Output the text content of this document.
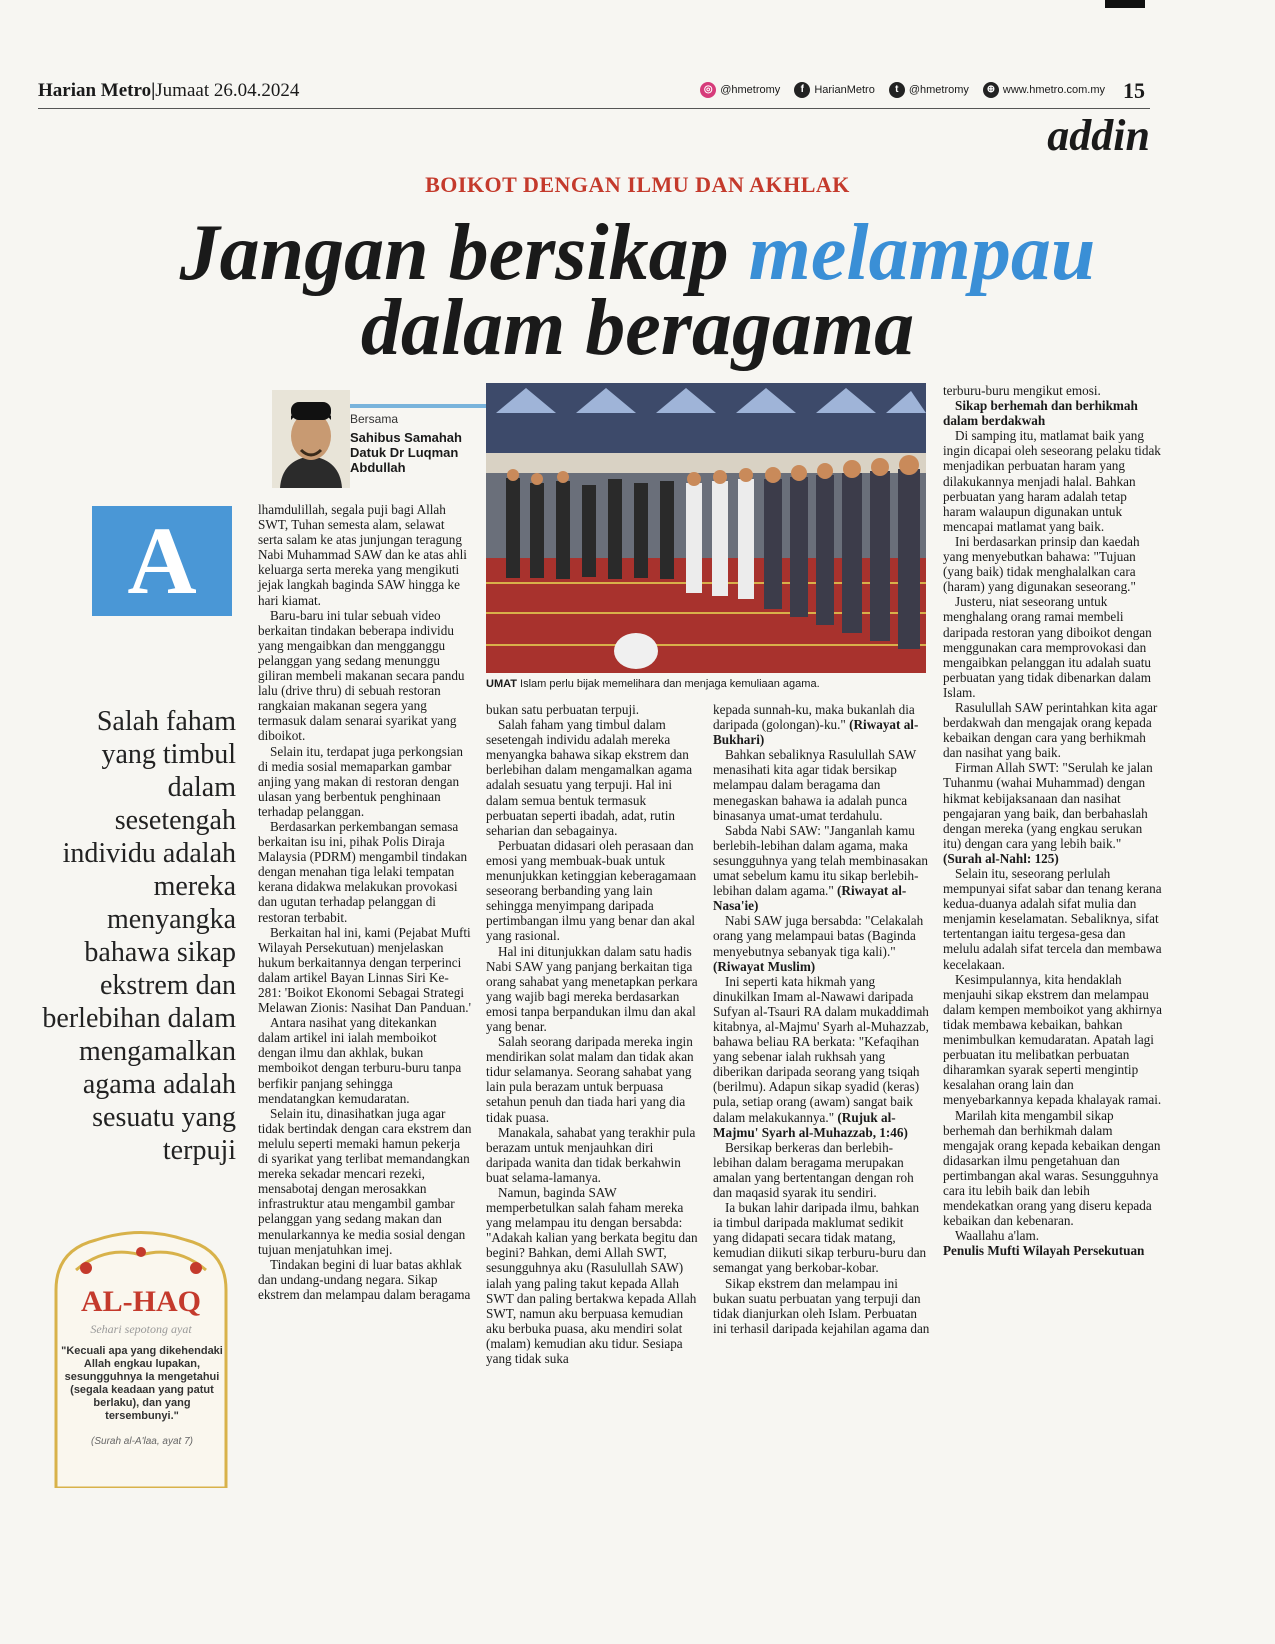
Harian Metro|Jumaat 26.04.2024	◎ @hmetromy	f HarianMetro	t @hmetromy	⊕ www.hmetro.com.my 15
addin
BOIKOT DENGAN ILMU DAN AKHLAK
Jangan bersikap melampau
dalam beragama
Bersama
Sahibus Samahah Datuk Dr Luqman Abdullah
UMAT Islam perlu bijak memelihara dan menjaga kemuliaan agama.
A
Salah faham yang timbul dalam sesetengah individu adalah mereka menyangka bahawa sikap ekstrem dan berlebihan dalam mengamalkan agama adalah sesuatu yang terpuji
AL-HAQ
Sehari sepotong ayat
"Kecuali apa yang dikehendaki Allah engkau lupakan, sesungguhnya Ia mengetahui (segala keadaan yang patut berlaku), dan yang tersembunyi."
(Surah al-A'laa, ayat 7)

lhamdulillah, segala puji bagi Allah SWT, Tuhan semesta alam, selawat serta salam ke atas junjungan teragung Nabi Muhammad SAW dan ke atas ahli keluarga serta mereka yang mengikuti jejak langkah baginda SAW hingga ke hari kiamat.

Baru-baru ini tular sebuah video berkaitan tindakan beberapa individu yang mengaibkan dan mengganggu pelanggan yang sedang menunggu giliran membeli makanan secara pandu lalu (drive thru) di sebuah restoran rangkaian makanan segera yang termasuk dalam senarai syarikat yang diboikot.

Selain itu, terdapat juga perkongsian di media sosial memaparkan gambar anjing yang makan di restoran dengan ulasan yang berbentuk penghinaan terhadap pelanggan.

Berdasarkan perkembangan semasa berkaitan isu ini, pihak Polis Diraja Malaysia (PDRM) mengambil tindakan dengan menahan tiga lelaki tempatan kerana didakwa melakukan provokasi dan ugutan terhadap pelanggan di restoran terbabit.

Berkaitan hal ini, kami (Pejabat Mufti Wilayah Persekutuan) menjelaskan hukum berkaitannya dengan terperinci dalam artikel Bayan Linnas Siri Ke-281: 'Boikot Ekonomi Sebagai Strategi Melawan Zionis: Nasihat Dan Panduan.'

Antara nasihat yang ditekankan dalam artikel ini ialah memboikot dengan ilmu dan akhlak, bukan memboikot dengan terburu-buru tanpa berfikir panjang sehingga mendatangkan kemudaratan.

Selain itu, dinasihatkan juga agar tidak bertindak dengan cara ekstrem dan melulu seperti memaki hamun pekerja di syarikat yang terlibat memandangkan mereka sekadar mencari rezeki, mensabotaj dengan merosakkan infrastruktur atau mengambil gambar pelanggan yang sedang makan dan menularkannya ke media sosial dengan tujuan menjatuhkan imej.

Tindakan begini di luar batas akhlak dan undang-undang negara. Sikap ekstrem dan melampau dalam beragama

bukan satu perbuatan terpuji.

Salah faham yang timbul dalam sesetengah individu adalah mereka menyangka bahawa sikap ekstrem dan berlebihan dalam mengamalkan agama adalah sesuatu yang terpuji. Hal ini dalam semua bentuk termasuk perbuatan seperti ibadah, adat, rutin seharian dan sebagainya.

Perbuatan didasari oleh perasaan dan emosi yang membuak-buak untuk menunjukkan ketinggian keberagamaan seseorang berbanding yang lain sehingga menyimpang daripada pertimbangan ilmu yang benar dan akal yang rasional.

Hal ini ditunjukkan dalam satu hadis Nabi SAW yang panjang berkaitan tiga orang sahabat yang menetapkan perkara yang wajib bagi mereka berdasarkan emosi tanpa berpandukan ilmu dan akal yang benar.

Salah seorang daripada mereka ingin mendirikan solat malam dan tidak akan tidur selamanya. Seorang sahabat yang lain pula berazam untuk berpuasa setahun penuh dan tiada hari yang dia tidak puasa.

Manakala, sahabat yang terakhir pula berazam untuk menjauhkan diri daripada wanita dan tidak berkahwin buat selama-lamanya.

Namun, baginda SAW memperbetulkan salah faham mereka yang melampau itu dengan bersabda: "Adakah kalian yang berkata begitu dan begini? Bahkan, demi Allah SWT, sesungguhnya aku (Rasulullah SAW) ialah yang paling takut kepada Allah SWT dan paling bertakwa kepada Allah SWT, namun aku berpuasa kemudian aku berbuka puasa, aku mendiri solat (malam) kemudian aku tidur. Sesiapa yang tidak suka

kepada sunnah-ku, maka bukanlah dia daripada (golongan)-ku." (Riwayat al-Bukhari)

Bahkan sebaliknya Rasulullah SAW menasihati kita agar tidak bersikap melampau dalam beragama dan menegaskan bahawa ia adalah punca binasanya umat-umat terdahulu.

Sabda Nabi SAW: "Janganlah kamu berlebih-lebihan dalam agama, maka sesungguhnya yang telah membinasakan umat sebelum kamu itu sikap berlebih-lebihan dalam agama." (Riwayat al-Nasa'ie)

Nabi SAW juga bersabda: "Celakalah orang yang melampaui batas (Baginda menyebutnya sebanyak tiga kali)." (Riwayat Muslim)

Ini seperti kata hikmah yang dinukilkan Imam al-Nawawi daripada Sufyan al-Tsauri RA dalam mukaddimah kitabnya, al-Majmu' Syarh al-Muhazzab, bahawa beliau RA berkata: "Kefaqihan yang sebenar ialah rukhsah yang diberikan daripada seorang yang tsiqah (berilmu). Adapun sikap syadid (keras) pula, setiap orang (awam) sangat baik dalam melakukannya." (Rujuk al-Majmu' Syarh al-Muhazzab, 1:46)

Bersikap berkeras dan berlebih-lebihan dalam beragama merupakan amalan yang bertentangan dengan roh dan maqasid syarak itu sendiri.

Ia bukan lahir daripada ilmu, bahkan ia timbul daripada maklumat sedikit yang didapati secara tidak matang, kemudian diikuti sikap terburu-buru dan semangat yang berkobar-kobar.

Sikap ekstrem dan melampau ini bukan suatu perbuatan yang terpuji dan tidak dianjurkan oleh Islam. Perbuatan ini terhasil daripada kejahilan agama dan

terburu-buru mengikut emosi.

Sikap berhemah dan berhikmah dalam berdakwah

Di samping itu, matlamat baik yang ingin dicapai oleh seseorang pelaku tidak menjadikan perbuatan haram yang dilakukannya menjadi halal. Bahkan perbuatan yang haram adalah tetap haram walaupun digunakan untuk mencapai matlamat yang baik.

Ini berdasarkan prinsip dan kaedah yang menyebutkan bahawa: "Tujuan (yang baik) tidak menghalalkan cara (haram) yang digunakan seseorang."

Justeru, niat seseorang untuk menghalang orang ramai membeli daripada restoran yang diboikot dengan menggunakan cara memprovokasi dan mengaibkan pelanggan itu adalah suatu perbuatan yang tidak dibenarkan dalam Islam.

Rasulullah SAW perintahkan kita agar berdakwah dan mengajak orang kepada kebaikan dengan cara yang berhikmah dan nasihat yang baik.

Firman Allah SWT: "Serulah ke jalan Tuhanmu (wahai Muhammad) dengan hikmat kebijaksanaan dan nasihat pengajaran yang baik, dan berbahaslah dengan mereka (yang engkau serukan itu) dengan cara yang lebih baik." (Surah al-Nahl: 125)

Selain itu, seseorang perlulah mempunyai sifat sabar dan tenang kerana kedua-duanya adalah sifat mulia dan menjamin keselamatan. Sebaliknya, sifat tertentangan iaitu tergesa-gesa dan melulu adalah sifat tercela dan membawa kecelakaan.

Kesimpulannya, kita hendaklah menjauhi sikap ekstrem dan melampau dalam kempen memboikot yang akhirnya tidak membawa kebaikan, bahkan menimbulkan kemudaratan. Apatah lagi perbuatan itu melibatkan perbuatan diharamkan syarak seperti mengintip kesalahan orang lain dan menyebarkannya kepada khalayak ramai.

Marilah kita mengambil sikap berhemah dan berhikmah dalam mengajak orang kepada kebaikan dengan didasarkan ilmu pengetahuan dan pertimbangan akal waras. Sesungguhnya cara itu lebih baik dan lebih mendekatkan orang yang diseru kepada kebaikan dan kebenaran.

Waallahu a'lam.

Penulis Mufti Wilayah Persekutuan
